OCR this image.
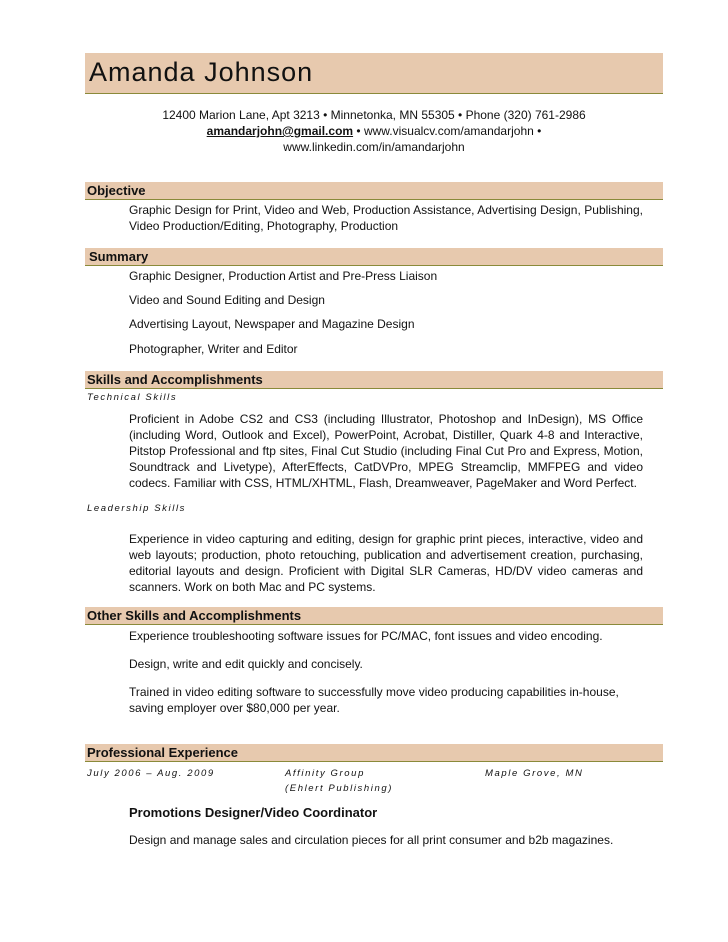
Amanda Johnson
12400 Marion Lane, Apt 3213 • Minnetonka, MN 55305 • Phone (320) 761-2986
amandarjohn@gmail.com • www.visualcv.com/amandarjohn •
www.linkedin.com/in/amandarjohn
Objective
Graphic Design for Print, Video and Web, Production Assistance, Advertising Design, Publishing, Video Production/Editing, Photography, Production
Summary
Graphic Designer, Production Artist and Pre-Press Liaison
Video and Sound Editing and Design
Advertising Layout, Newspaper and Magazine Design
Photographer, Writer and Editor
Skills and Accomplishments
Technical Skills
Proficient in Adobe CS2 and CS3 (including Illustrator, Photoshop and InDesign), MS Office (including Word, Outlook and Excel), PowerPoint, Acrobat, Distiller, Quark 4-8 and Interactive, Pitstop Professional and ftp sites, Final Cut Studio (including Final Cut Pro and Express, Motion, Soundtrack and Livetype), AfterEffects, CatDVPro, MPEG Streamclip, MMFPEG and video codecs. Familiar with CSS, HTML/XHTML, Flash, Dreamweaver, PageMaker and Word Perfect.
Leadership Skills
Experience in video capturing and editing, design for graphic print pieces, interactive, video and web layouts; production, photo retouching, publication and advertisement creation, purchasing, editorial layouts and design. Proficient with Digital SLR Cameras, HD/DV video cameras and scanners. Work on both Mac and PC systems.
Other Skills and Accomplishments
Experience troubleshooting software issues for PC/MAC, font issues and video encoding.
Design, write and edit quickly and concisely.
Trained in video editing software to successfully move video producing capabilities in-house, saving employer over $80,000 per year.
Professional Experience
July 2006 – Aug. 2009	Affinity Group
(Ehlert Publishing)
Maple Grove, MN
Promotions Designer/Video Coordinator
Design and manage sales and circulation pieces for all print consumer and b2b magazines.
